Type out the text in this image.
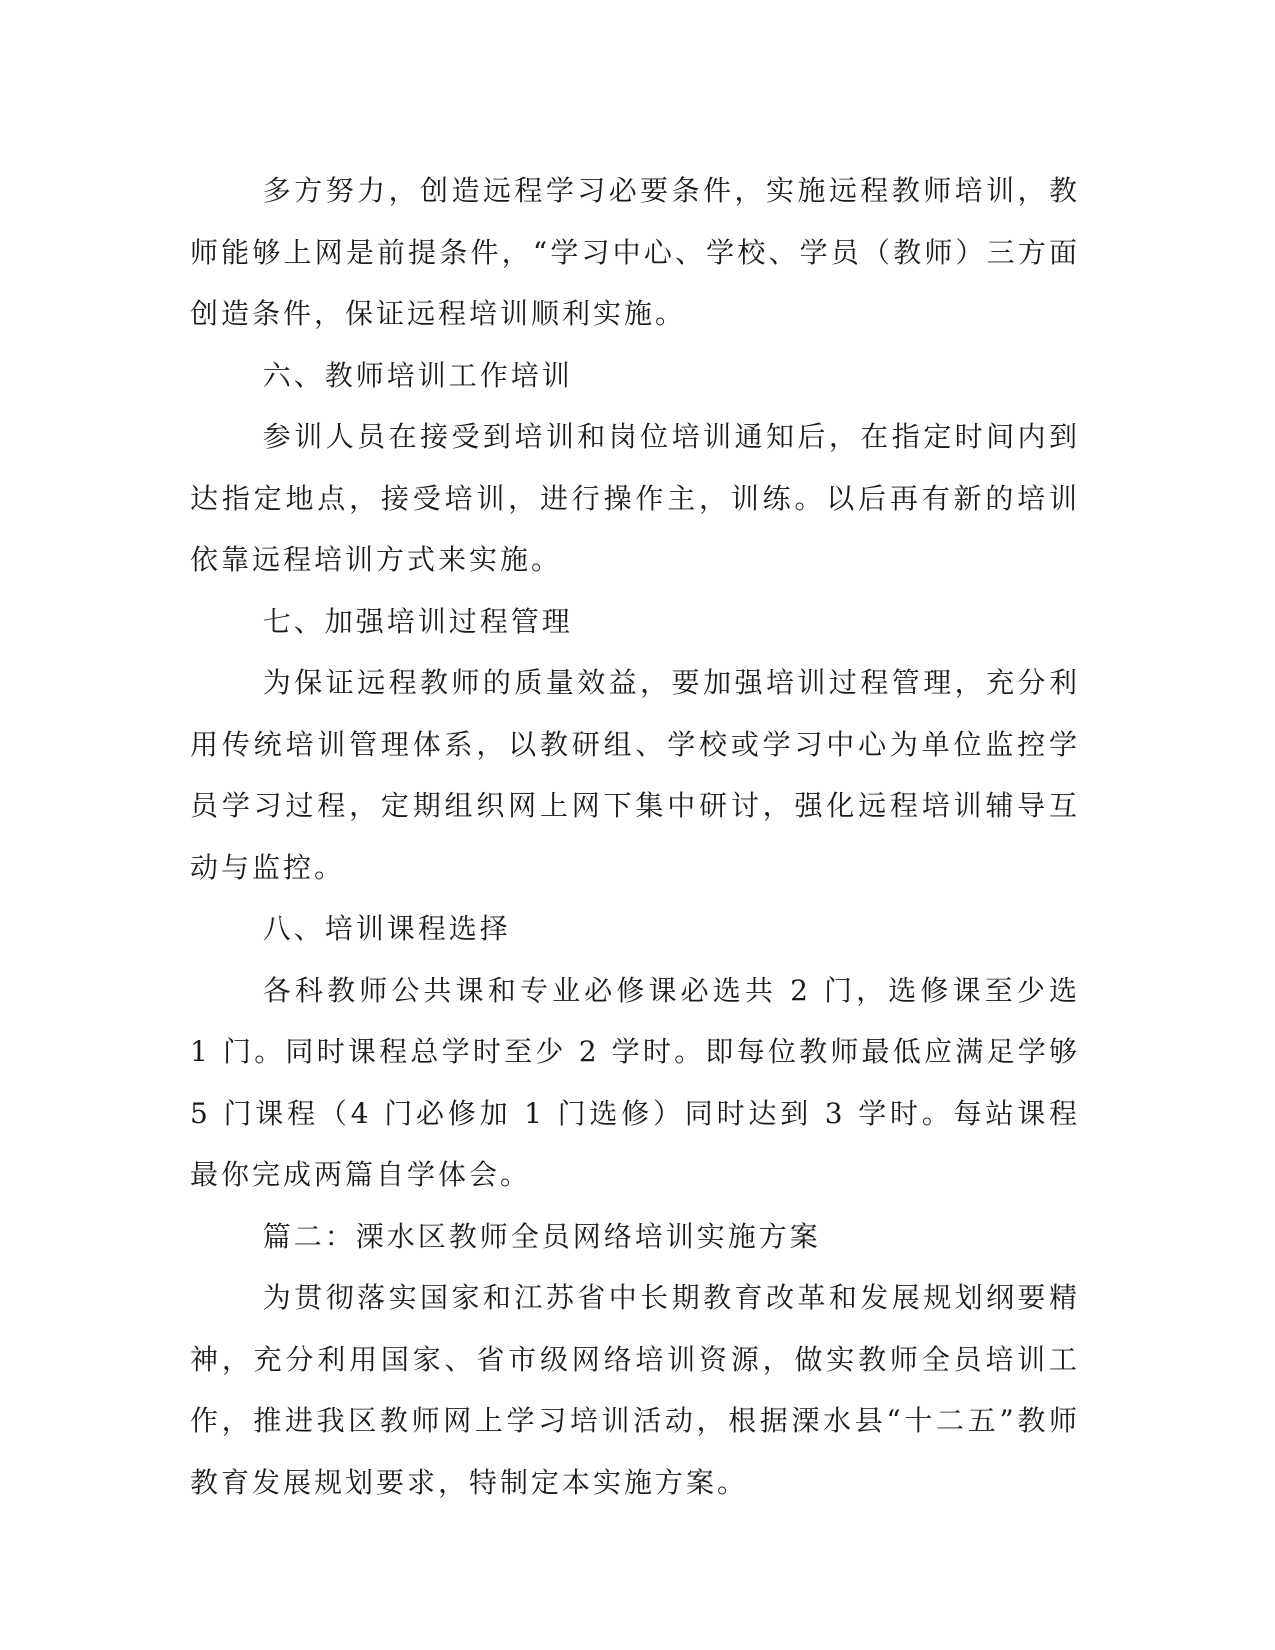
多方努力，创造远程学习必要条件，实施远程教师培训，教师能够上网是前提条件，“学习中心、学校、学员（教师）三方面创造条件，保证远程培训顺利实施。

六、教师培训工作培训

参训人员在接受到培训和岗位培训通知后，在指定时间内到达指定地点，接受培训，进行操作主，训练。以后再有新的培训依靠远程培训方式来实施。

七、加强培训过程管理

为保证远程教师的质量效益，要加强培训过程管理，充分利用传统培训管理体系，以教研组、学校或学习中心为单位监控学员学习过程，定期组织网上网下集中研讨，强化远程培训辅导互动与监控。

八、培训课程选择

各科教师公共课和专业必修课必选共 2 门，选修课至少选 1 门。同时课程总学时至少 2 学时。即每位教师最低应满足学够 5 门课程（4 门必修加 1 门选修）同时达到 3 学时。每站课程最你完成两篇自学体会。

篇二：溧水区教师全员网络培训实施方案

为贯彻落实国家和江苏省中长期教育改革和发展规划纲要精神，充分利用国家、省市级网络培训资源，做实教师全员培训工作，推进我区教师网上学习培训活动，根据溧水县“十二五”教师教育发展规划要求，特制定本实施方案。
